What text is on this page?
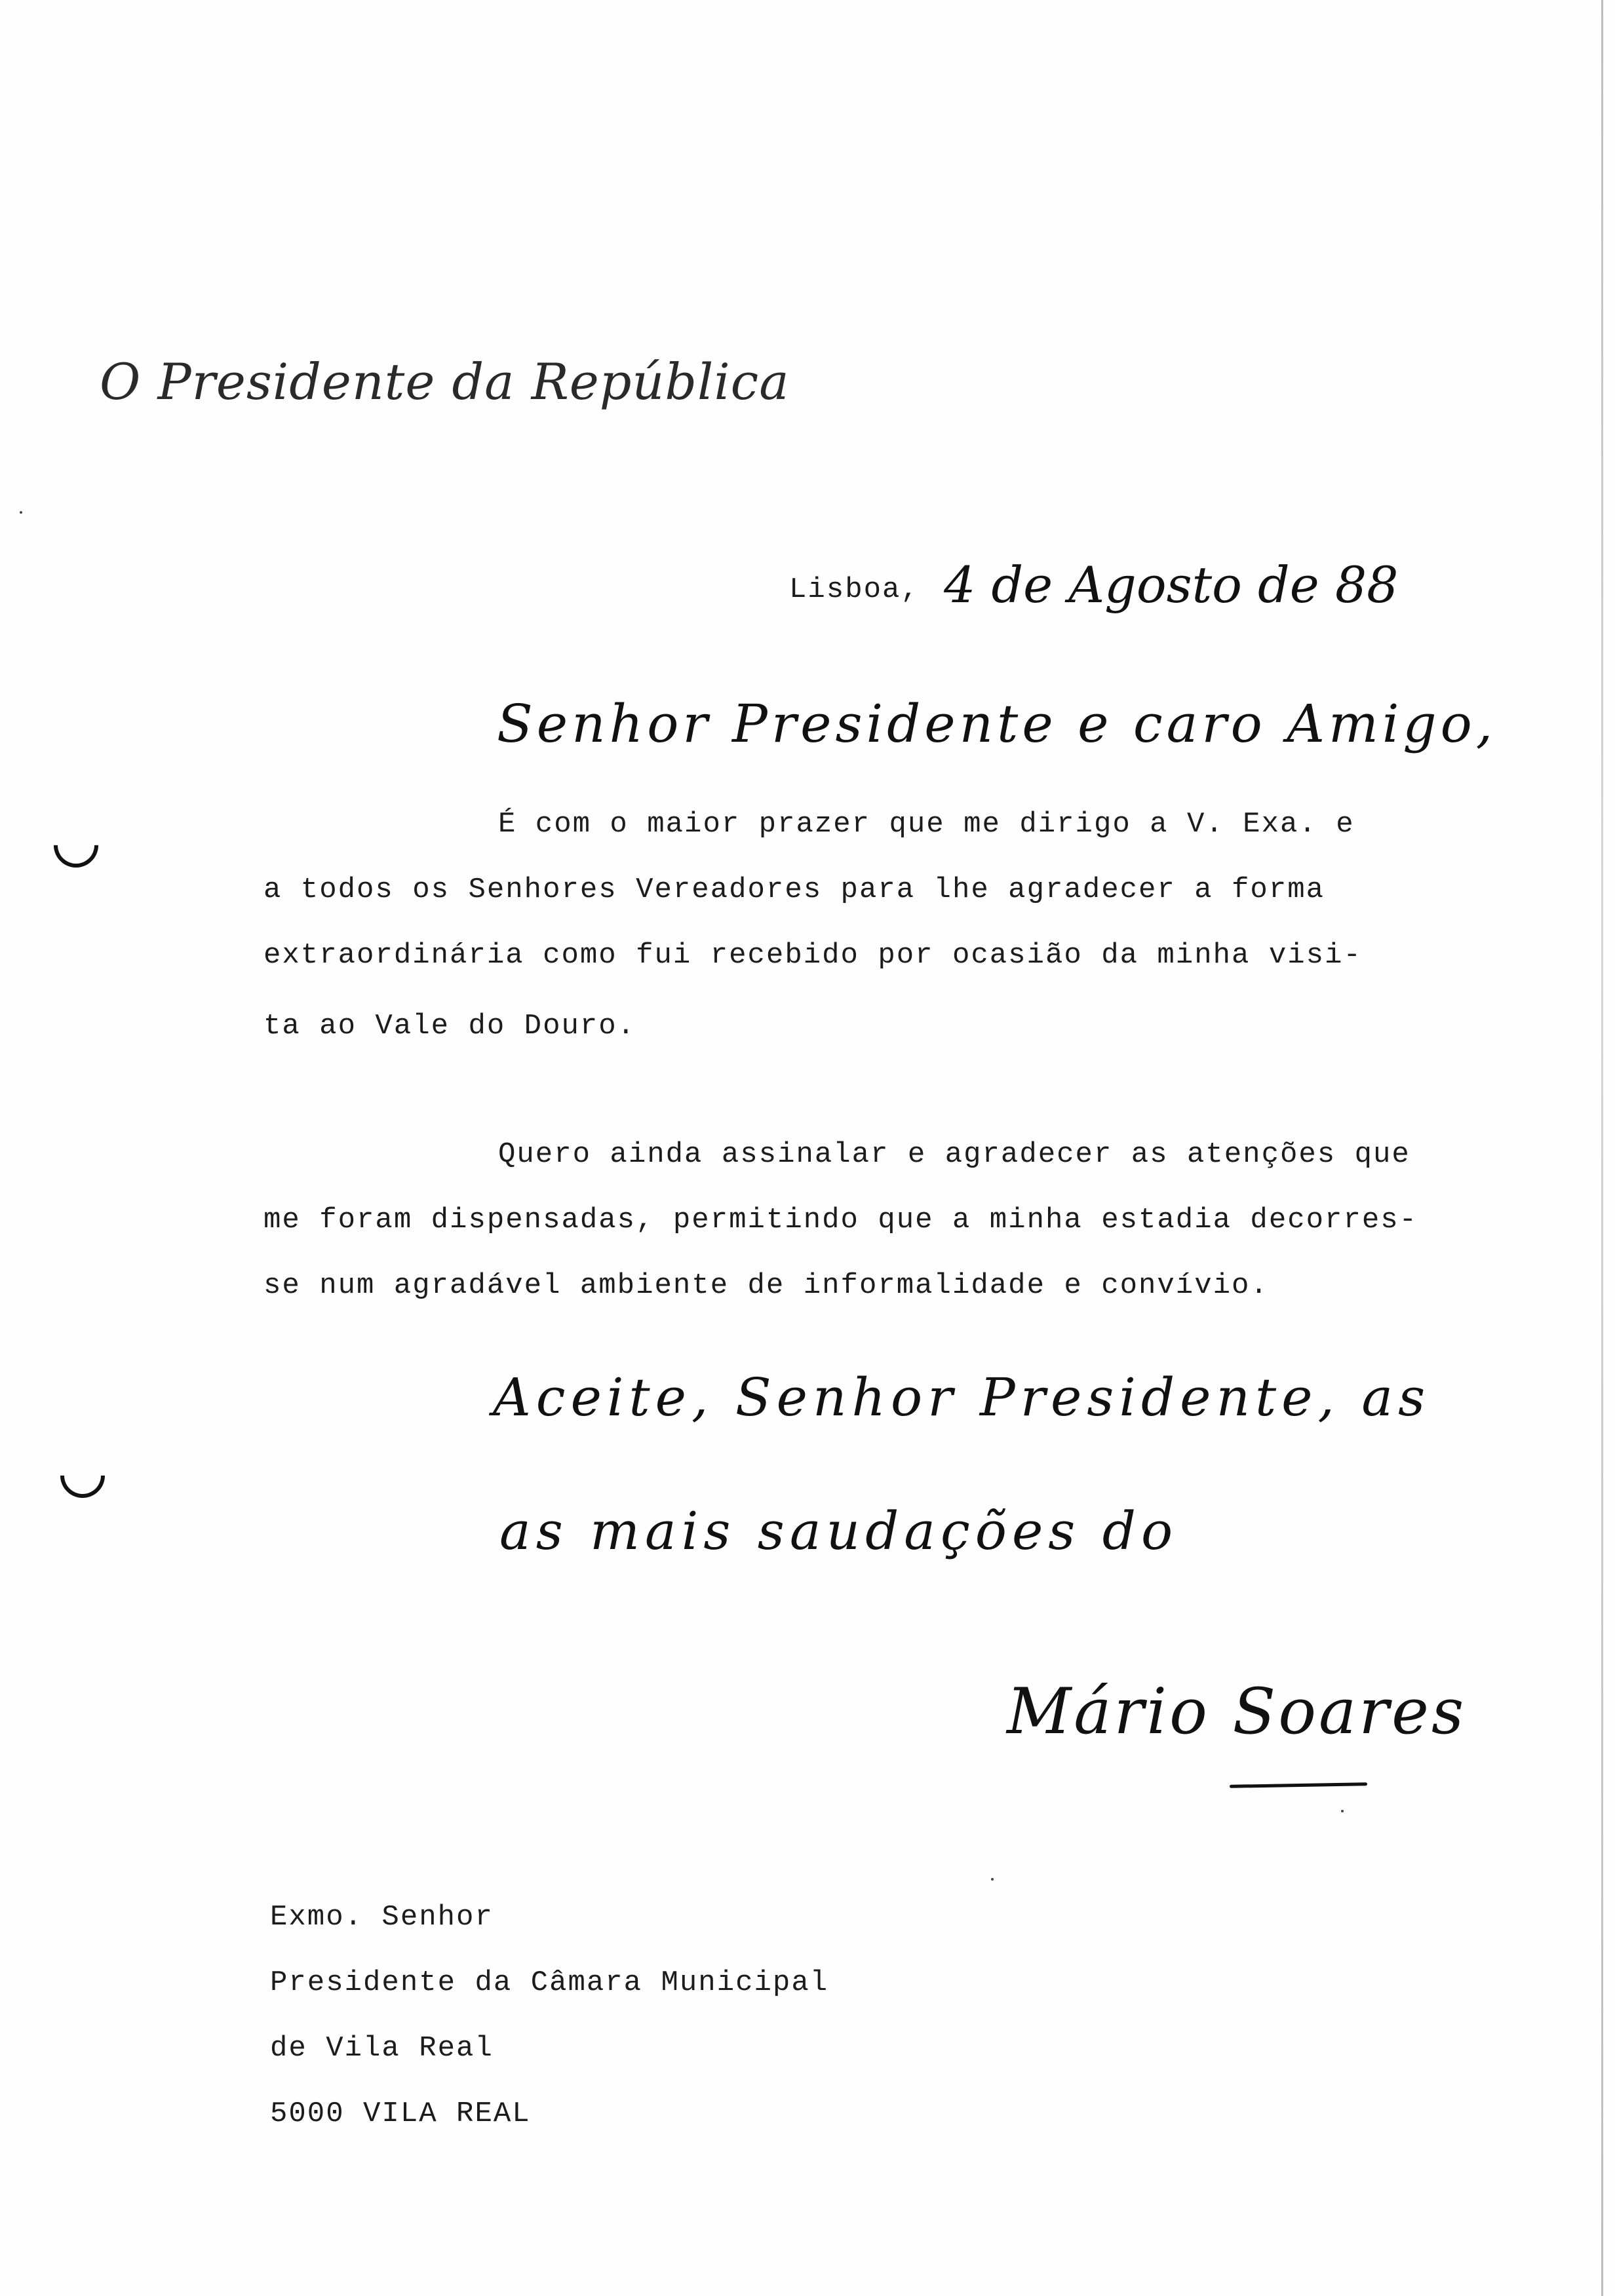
O Presidente da República
Lisboa, 4 de Agosto de 88
Senhor Presidente e caro Amigo,
É com o maior prazer que me dirigo a V. Exa. e
a todos os Senhores Vereadores para lhe agradecer a forma
extraordinária como fui recebido por ocasião da minha visi-
ta ao Vale do Douro.
Quero ainda assinalar e agradecer as atenções que
me foram dispensadas, permitindo que a minha estadia decorres-
se num agradável ambiente de informalidade e convívio.
Aceite, Senhor Presidente, as
as mais saudações do
Mário Soares
Exmo. Senhor
Presidente da Câmara Municipal
de Vila Real
5000 VILA REAL
